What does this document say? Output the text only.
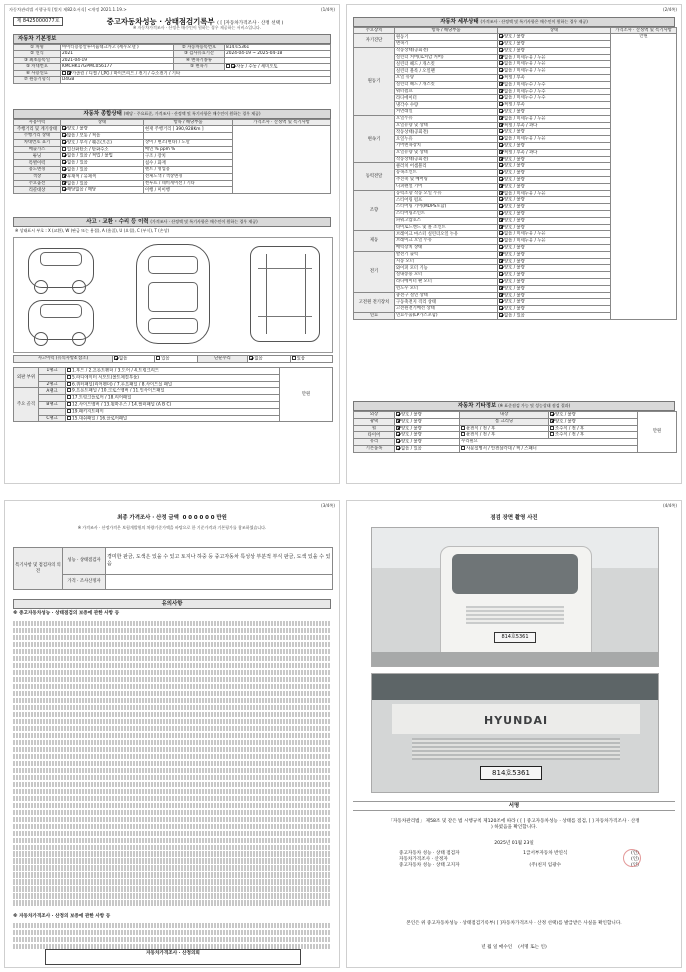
자동차관리법 시행규칙 [별지 제82호서식] <개정 2021.1.19.>	(1/4쪽)
제 8425000077호	중고자동차성능 · 상태점검기록부 ( [ ]자동차가격조사 · 산정 선택 )
※ 자동차가격조사 · 산정은 매수인이 원하는 경우 제공하는 서비스입니다.
자동차 기본정보
① 차명	마이티용봉알루미늄대크카고 (세우모델 )	② 자동차등록번호	814호5361
② 연식	2021	③ 검사유효기간	2024-04-19 ~ 2025-04-18
③ 최초등록일	2021-04-19	④ 변속기종류	
⑤ 차대번호	KMCHK17GPMC056177	⑤ 변속기	자동 / 수동 / 세미오토
⑥ 사용연료	가솔린 / 디젤 / LPG / 하이브리드 / 전기 / 수소전기 / 기타		
⑦ 원동기형식	D4GB		
자동차 종합상태 (해당 · 주요표준, 가격조사 · 산정액 및 특기사항은 매수인이 원하는 경우 제공)
사용이력	상태	항목 / 해당부품	가격조사 · 산정액 및 특기사항
주행거리 및 계기상태	양호 / 불량	현재 주행거리 [ 390,928Km ]	
주행거리 상태	많음 / 보통 / 적음		
차대번호 표기	양호 / 부식 / 훼손(오손)	상이 / 변조(변타) / 도말	
배출가스	일산화탄소 / 탄화수소	매연 % ppm %	
튜닝	없음 / 있음 / 적법 / 불법	구조 / 장치	
특별이력	없음 / 있음	침수 / 화재	
용도변경	없음 / 있음	렌트 / 영업용	
색상	무채색 / 유채색	전체도색 / 색상변경	
주요옵션	없음 / 있음	썬루프 / 네비게이션 / 기타	
리콜대상	해당없음 / 해당	이행 / 미이행	
사고 · 교환 · 수리 등 이력 (가격조사 · 산정액 및 특기사항은 매수인이 원하는 경우 제공)
※ 상태표시 부호 : X (교환), W (판금 또는 용접), A (흠집), U (요철), C (부식), T (손상)
사고이력 (유의사항4 참조)	없음	있음	단순수리	없음	있음
외판 부위	1랭크	1.후드 / 2.프론트펜더 / 3.도어 / 4.트렁크리드	만원
		5.라디에이터 서포트(볼트체결부품)	
	2랭크	6.쿼터패널(리어펜더) / 7.루프패널 / 8.사이드실 패널	
주요 골격	A랭크	9.프론트패널 / 10.크로스멤버 / 11.인사이드패널	
		17.트렁크플로어 / 18.리어패널	
	B랭크	12.사이드멤버 / 13.휠하우스 / 14.필러패널 (A B C)	
		19.패키지트레이	
	C랭크	15.대쉬패널 / 16.플로어패널	
(2/4쪽)
자동차 세부상태 (가격조사 · 산정액 및 특기사항은 매수인이 원하는 경우 제공)
주요장치	항목 / 해당부품	상태	가격조사 · 산정액 및 특기사항
자기진단	원동기	양호 / 불량	만원
	변속기	양호 / 불량	
원동기	작동상태(공회전)	양호 / 불량	
	실린더 커버(로커암 커버)	없음 / 미세누유 / 누유	
	실린더 헤드 / 개스킷	없음 / 미세누유 / 누유	
	실린더 블록 / 오일팬	없음 / 미세누유 / 누유	
	오일 유량	적정 / 부족	
	실린더 헤드 / 개스킷	없음 / 미세누수 / 누수	
	워터펌프	없음 / 미세누수 / 누수	
	라디에이터	없음 / 미세누수 / 누수	
	냉각수 수량	적정 / 부족	
	커먼레일	양호 / 불량	
변속기	오일누유	없음 / 미세누유 / 누유	
	오일유량 및 상태	적정 / 부족 / 과다	
	작동상태(공회전)	양호 / 불량	
	오일누유	없음 / 미세누유 / 누유	
	기어변속장치	양호 / 불량	
	오일유량 및 상태	적정 / 부족 / 과다	
	작동상태(공회전)	양호 / 불량	
동력전달	클러치 어셈블리	양호 / 불량	
	등속조인트	양호 / 불량	
	추진축 및 베어링	양호 / 불량	
	디퍼렌셜 기어	양호 / 불량	
조향	동력조향 작동 오일 누유	없음 / 미세누유 / 누유	
	스티어링 펌프	양호 / 불량	
	스티어링 기어(MDPS포함)	양호 / 불량	
	스티어링조인트	양호 / 불량	
	파워고압호스	양호 / 불량	
	타이로드엔드 및 볼 조인트	양호 / 불량	
제동	브레이크 마스터 실린더오일 누유	없음 / 미세누유 / 누유	
	브레이크 오일 누유	없음 / 미세누유 / 누유	
	배력장치 상태	양호 / 불량	
전기	발전기 출력	양호 / 불량	
	시동 모터	양호 / 불량	
	와이퍼 모터 기능	양호 / 불량	
	실내송풍 모터	양호 / 불량	
	라디에이터 팬 모터	양호 / 불량	
	윈도우 모터	양호 / 불량	
고전원 전기장치	충전구 절연 상태	양호 / 불량	
	구동축전지 격리 상태	양호 / 불량	
	고전원전기배선 상태	양호 / 불량	
연료	연료누출(LP가스포함)	없음 / 있음	
자동차 기타정보 (※ 표준점검 가능 및 성능상태 점검 결과)
외장	양호 / 불량	내장	양호 / 불량	만원
광택	양호 / 불량	룸 크리닝	양호 / 불량	
휠	양호 / 불량	운전석 / 전 / 후	조수석 / 전 / 후	
타이어	양호 / 불량	운전석 / 전 / 후	조수석 / 전 / 후	
유리	양호 / 불량	수리필요		
기본품목	없음 / 있음	사용설명서 / 안전삼각대 / 잭 / 스패너		
(3/4쪽)
최종 가격조사 · 산정 금액 0 0 0 0 0 0 만원
※ 가격조사 · 산정가격은 보험개발원의 차량기준가액을 바탕으로 한 기준가격과 기본평가를 참조하였습니다.
특기사항 및 점검자의 의견	성능 · 상태점검자	경미한 판금, 도색은 있을 수 있고 토지나 하중 등 중고자동차 특성상 부분적 부식 판금, 도색 있을 수 있음
	가격 · 조사산정자	
유의사항
※ 중고자동차성능 · 상태점검의 보증에 관한 사항 등
※ 자동차가격조사 · 산정의 보증에 관한 사항 등
자동차가격조사 · 산정의뢰
(4/4쪽)
점검 장면 촬영 사진
814호5361
HYUNDAI
814호5361
서명
「자동차관리법」 제58조 및 같은 법 시행규칙 제120조에 따라 ( [ ] 중고자동차성능 · 상태를 점검, [ ] 자동차가격조사 · 산정 ) 하였음을 확인합니다.
2025년 01월 23일
중고자동차 성능 · 상태 점검자	1급서부자동차 반연식	(인)
자동차가격조사 · 산정자	(인)
중고자동차 성능 · 상태 고지자	(주)친지 임광수	(인)
본인은 위 중고자동차성능 · 상태점검기록부( [ ]자동차가격조사 · 산정 선택)를 발급받은 사실을 확인합니다.
년 월 일 매수인 (서명 또는 인)
